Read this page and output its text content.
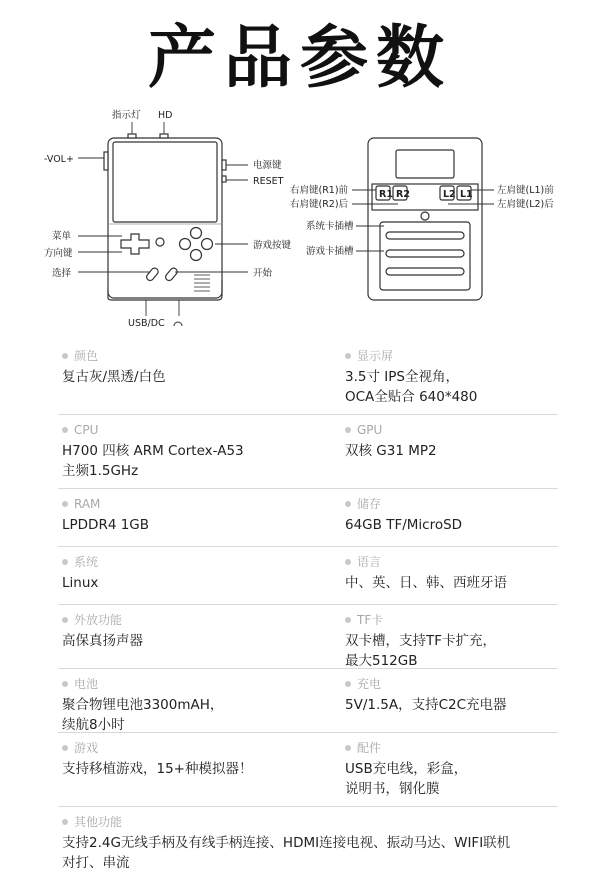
产品参数
指示灯 HD
-VOL+
电源键
RESET
菜单
方向键
游戏按键
选择	开始
USB/DC
R1 R2	L2 L1
右肩键(R1)前
右肩键(R2)后
左肩键(L1)前
左肩键(L2)后
系统卡插槽
游戏卡插槽
颜色
复古灰/黑透/白色
显示屏
3.5寸 IPS全视角，
OCA全贴合 640*480
CPU
H700 四核 ARM Cortex-A53
主频1.5GHz
GPU
双核 G31 MP2
RAM
LPDDR4 1GB
储存
64GB TF/MicroSD
系统
Linux
语言
中、英、日、韩、西班牙语
外放功能
高保真扬声器
TF卡
双卡槽，支持TF卡扩充，
最大512GB
电池
聚合物锂电池3300mAH，
续航8小时
充电
5V/1.5A，支持C2C充电器
游戏
支持移植游戏，15+种模拟器！
配件
USB充电线，彩盒，
说明书，钢化膜
其他功能
支持2.4G无线手柄及有线手柄连接、HDMI连接电视、振动马达、WIFI联机
对打、串流
